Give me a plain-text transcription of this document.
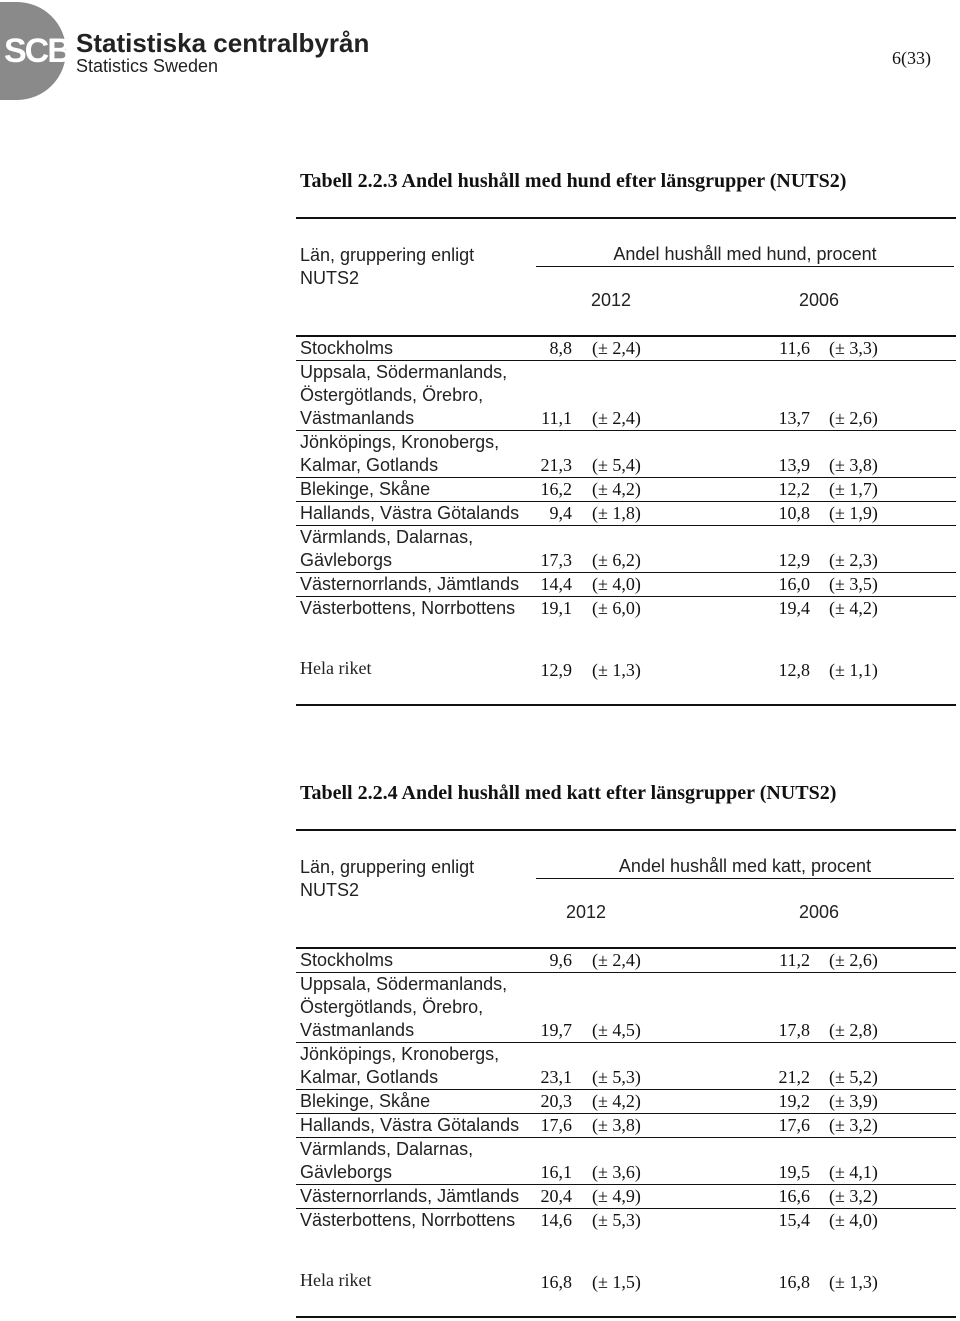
SCB Statistiska centralbyrån
Statistics Sweden	6(33)
Tabell 2.2.3 Andel hushåll med hund efter länsgrupper (NUTS2)
Län, gruppering enligt NUTS2
Andel hushåll med hund, procent
2012	2006
Stockholms	8,8 (± 2,4)	11,6 (± 3,3)
Uppsala, Södermanlands, Östergötlands, Örebro, Västmanlands	11,1 (± 2,4)	13,7 (± 2,6)
Jönköpings, Kronobergs, Kalmar, Gotlands	21,3 (± 5,4)	13,9 (± 3,8)
Blekinge, Skåne	16,2 (± 4,2)	12,2 (± 1,7)
Hallands, Västra Götalands	9,4 (± 1,8)	10,8 (± 1,9)
Värmlands, Dalarnas, Gävleborgs	17,3 (± 6,2)	12,9 (± 2,3)
Västernorrlands, Jämtlands	14,4 (± 4,0)	16,0 (± 3,5)
Västerbottens, Norrbottens	19,1 (± 6,0)	19,4 (± 4,2)
Hela riket	12,9 (± 1,3)	12,8 (± 1,1)
Tabell 2.2.4 Andel hushåll med katt efter länsgrupper (NUTS2)
Län, gruppering enligt NUTS2
Andel hushåll med katt, procent
2012	2006
Stockholms	9,6 (± 2,4)	11,2 (± 2,6)
Uppsala, Södermanlands, Östergötlands, Örebro, Västmanlands	19,7 (± 4,5)	17,8 (± 2,8)
Jönköpings, Kronobergs, Kalmar, Gotlands	23,1 (± 5,3)	21,2 (± 5,2)
Blekinge, Skåne	20,3 (± 4,2)	19,2 (± 3,9)
Hallands, Västra Götalands	17,6 (± 3,8)	17,6 (± 3,2)
Värmlands, Dalarnas, Gävleborgs	16,1 (± 3,6)	19,5 (± 4,1)
Västernorrlands, Jämtlands	20,4 (± 4,9)	16,6 (± 3,2)
Västerbottens, Norrbottens	14,6 (± 5,3)	15,4 (± 4,0)
Hela riket	16,8 (± 1,5)	16,8 (± 1,3)
